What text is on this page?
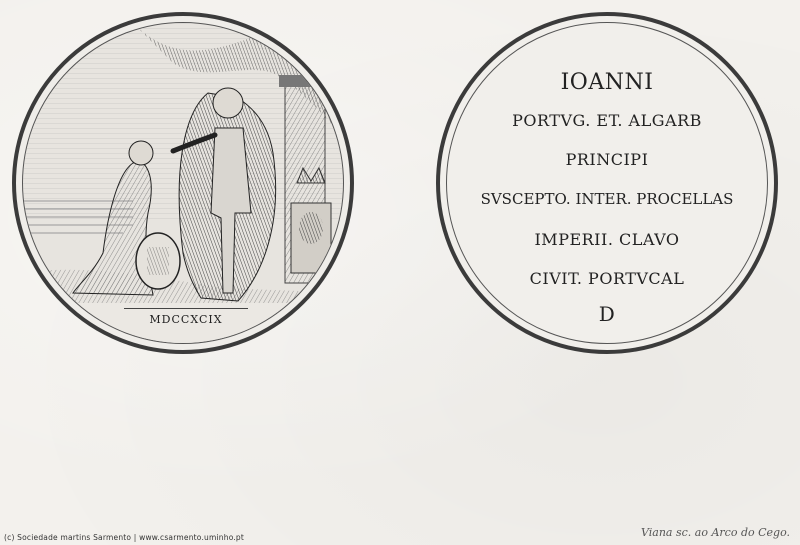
MDCCXCIX
IOANNI
PORTVG. ET. ALGARB
PRINCIPI
SVSCEPTO. INTER. PROCELLAS
IMPERII. CLAVO
CIVIT. PORTVCAL
D
(c) Sociedade martins Sarmento | www.csarmento.uminho.pt	Viana sc. ao Arco do Cego.
